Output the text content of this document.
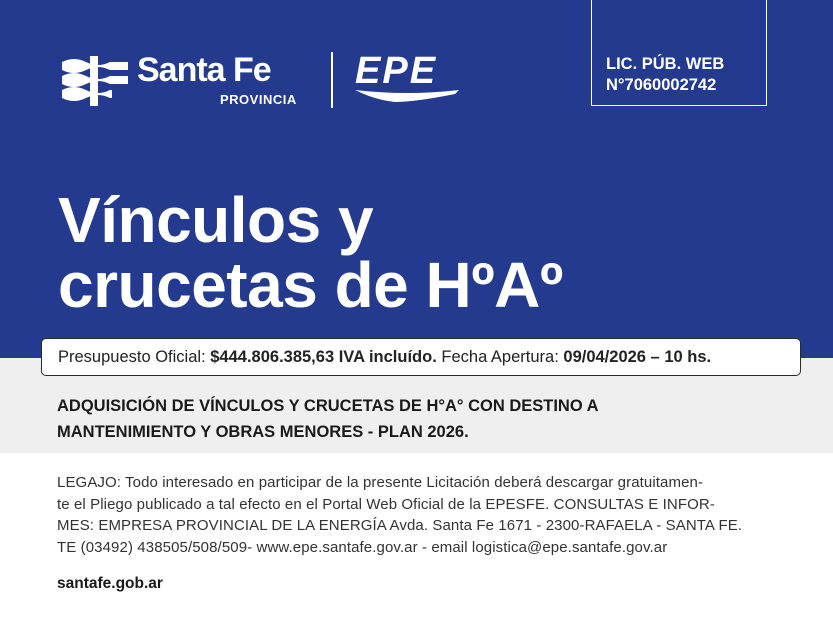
Santa Fe
PROVINCIA
EPE	LIC. PÚB. WEB
N°7060002742
Vínculos y
crucetas de HºAº
Presupuesto Oficial: $444.806.385,63 IVA incluído. Fecha Apertura: 09/04/2026 – 10 hs.
ADQUISICIÓN DE VÍNCULOS Y CRUCETAS DE H°A° CON DESTINO A
MANTENIMIENTO Y OBRAS MENORES - PLAN 2026.
LEGAJO: Todo interesado en participar de la presente Licitación deberá descargar gratuitamen-
te el Pliego publicado a tal efecto en el Portal Web Oficial de la EPESFE. CONSULTAS E INFOR-
MES: EMPRESA PROVINCIAL DE LA ENERGÍA Avda. Santa Fe 1671 - 2300-RAFAELA - SANTA FE.
TE (03492) 438505/508/509- www.epe.santafe.gov.ar - email logistica@epe.santafe.gov.ar
santafe.gob.ar
